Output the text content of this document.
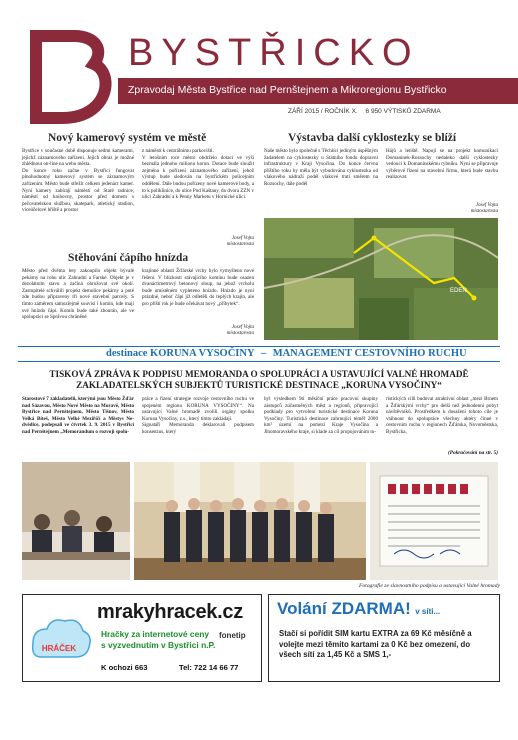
BYSTŘICKO
Zpravodaj Města Bystřice nad Pernštejnem a Mikroregionu Bystřicko
ZÁŘÍ 2015 / ROČNÍK X. 6 950 VÝTISKŮ ZDARMA
Nový kamerový systém ve městě
Bystřice v současné době disponuje sedmi kamerami, jejichž záznamového zařízení. Jejich obraz je možné zhlédnout on-line na webu města.
Do konce roku začne v Bystřici fungovat plnohodnotný kamerový systém se záznamovým zařízením. Město bude střežit celkem jedenáct kamer. Nyní kamery zabírají náměstí od Staré radnice, náměstí od knihovny, prostor před domem s pečovatelskou službou, skatepark, atletický stadion, víceúčelové hřiště a prostor
z náměstí k centrálnímu parkovišti.
V letošním roce město obdrželo dotaci ve výši bezmála jednoho milionu korun. Dotace bude sloužit zejména k pořízení záznamového zařízení, jehož výstup bude sledován na bystřickém policejním oddělení. Dále budou pořízeny nové kamerové body, a to k poliklinice, do ulice Pod Kaštany, do dvora ZZN v ulici Zahradní a k Penny Marketu v Hornické ulici.
Josef Vojta
místostarosta
Stěhování čápího hnízda
Město před dvěma lety zakoupilo objekt bývalé pekárny na rohu ulic Zahradní a Farské. Objekt je v dezolátním stavu a začíná ohrožovat své okolí. Zastupitelé schválili projekt demolice pekárny a poté zde budou připraveny tři nové stavební parcely. S tímto záměrem samozřejmě souvisí i komín, kde mají své hnízdo čápi. Komín bude také zbourán, ale ve spolupráci se Správou chráněné
krajinné oblasti Žďárské vrchy bylo vymyšleno nové řešení. V blízkosti stávajícího komínu bude osazen dvanáctimetrový betonový sloup, na jehož vrcholu bude umístěném vypleteno hnízdo. Hnízdo je nyní prázdné, neboť čápi již odletěli do teplých krajin, ale pro příští rok je bude očekávat nový „příbytek“.
Josef Vojta
místostarosta
Výstavba další cyklostezky se blíží
Naše město bylo společně s Těchlící jediným úspěšným žadatelem na cyklostezky u Státního fondu dopravní infrastruktury v Kraji Vysočina. Do konce června příštího roku by měla být vybudována cyklostezka od vlakového nádraží podél vlakové trati směrem na Rozsochy, dále podél
Hájů a letiště. Napojí se na projekt komunikací Domanínek-Rozsochy nedaleko další cyklostezky vedoucí k Domanínskému rybníku. Nyní se připravuje výběrové řízení na stavební firmu, která bude stavbu realizovat.
Josef Vojta
místostarosta
EDEN
destinace KORUNA VYSOČINY – MANAGEMENT CESTOVNÍHO RUCHU
TISKOVÁ ZPRÁVA K PODPISU MEMORANDA O SPOLUPRÁCI A USTAVUJÍCÍ VALNÉ HROMADĚ ZAKLADATELSKÝCH SUBJEKTŮ TURISTICKÉ DESTINACE „KORUNA VYSOČINY“
Starostové 7 zakladatelů, kterými jsou Město Žďár nad Sázavou, Město Nové Město na Moravě, Město Bystřice nad Pernštejnem, Město Tišnov, Město Velká Bíteš, Město Velké Meziříčí a Městys Nedvědice, podepsali ve čtvrtek 3. 9. 2015 v Bystřici nad Pernštejnem „Memorandum o rozvoji spolu-
práce a řízení strategie rozvoje cestovního ruchu ve spojeném regionu KORUNA VYSOČINY“. Na ustavující Valné hromadě zvolili orgány spolku Koruna Vysočiny, z.s., který tímto zakládají.
Signatáři Memoranda deklarovali podpisem konsenzus, který
byl výsledkem 9ti měsíční práce pracovní skupiny zástupců zúčastněných měst a regionů, připravující podklady pro vytvoření turistické destinace Koruna Vysočiny. Turistická destinace zahrnující téměř 2000 km² území na pomezí Kraje Vysočina a Jihomoravského kraje, si klade za cíl propojováním tu-
ristických cílů budovat atraktivní oblast „mezi Brnem a Žďárskými vrchy“ pro delší než jednodenní pobyt návštěvníků. Prostředkem k dosažení tohoto cíle je vtáhnout do spolupráce všechny aktéry činné v cestovním ruchu v regionech Žďárska, Novoměstska, Bystřicka,
(Pokračování na str. 5)
Fotografie ze slavnostního podpisu a ustavující Valné hromady
HRÁČEK
mrakyhracek.cz
Hračky za internetové ceny
s vyzvednutím v Bystřici n.P.
K ochozi 663	Tel: 722 14 66 77
fonetip
Volání ZDARMA! v síti...
Stačí si pořídit SIM kartu EXTRA za 69 Kč měsíčně a volejte mezi těmito kartami za 0 Kč bez omezení, do všech sítí za 1,45 Kč a SMS 1,-
